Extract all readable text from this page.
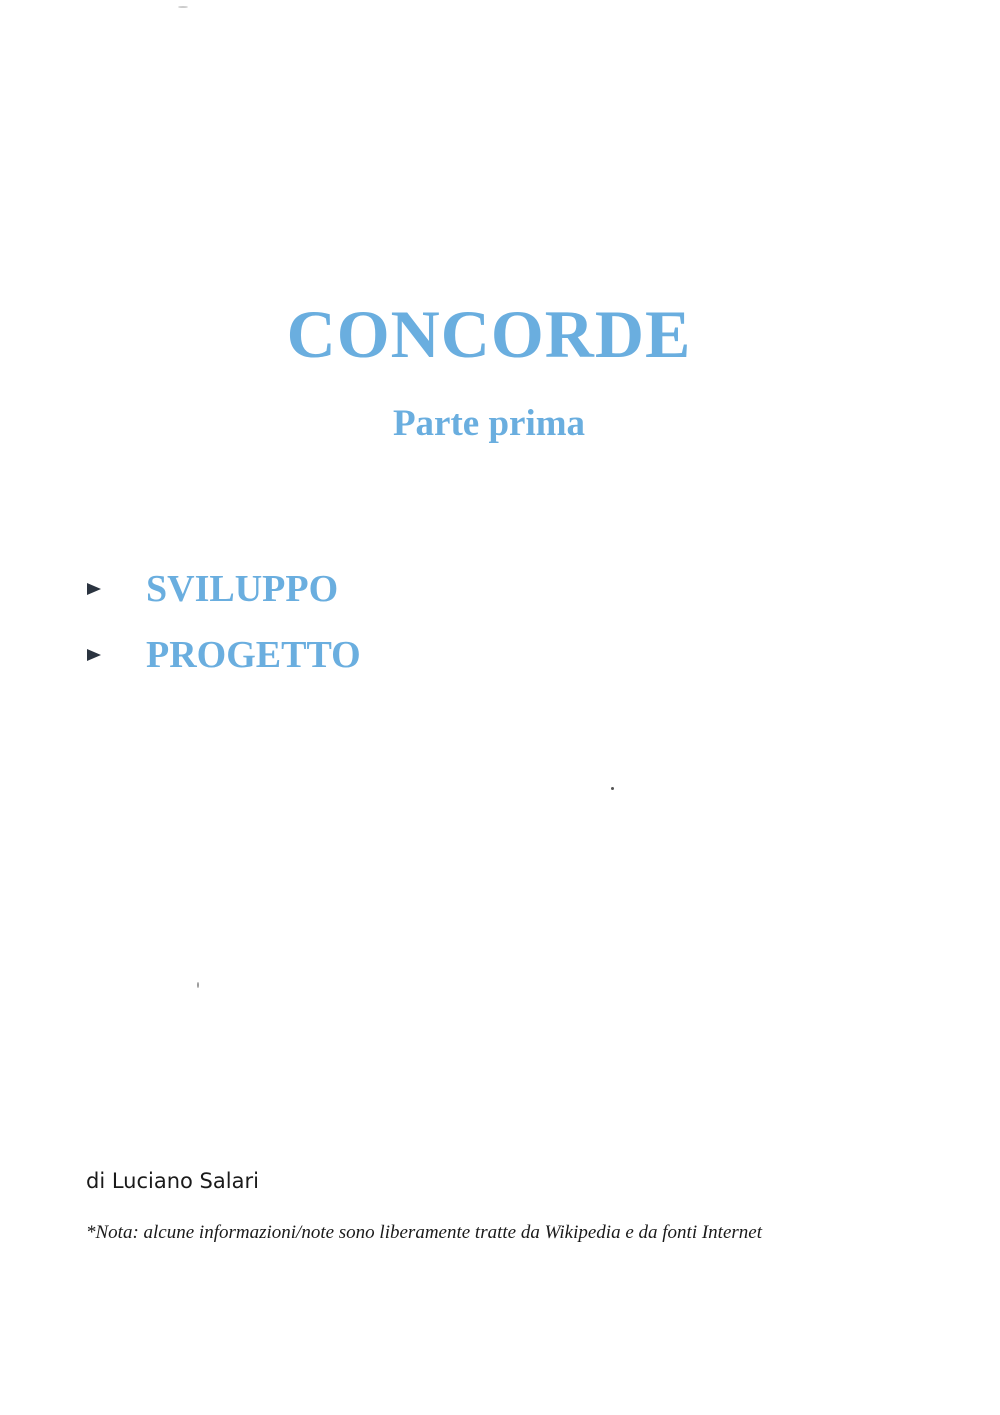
CONCORDE
Parte prima
SVILUPPO
PROGETTO

di Luciano Salari

*Nota: alcune informazioni/note sono liberamente tratte da Wikipedia e da fonti Internet
